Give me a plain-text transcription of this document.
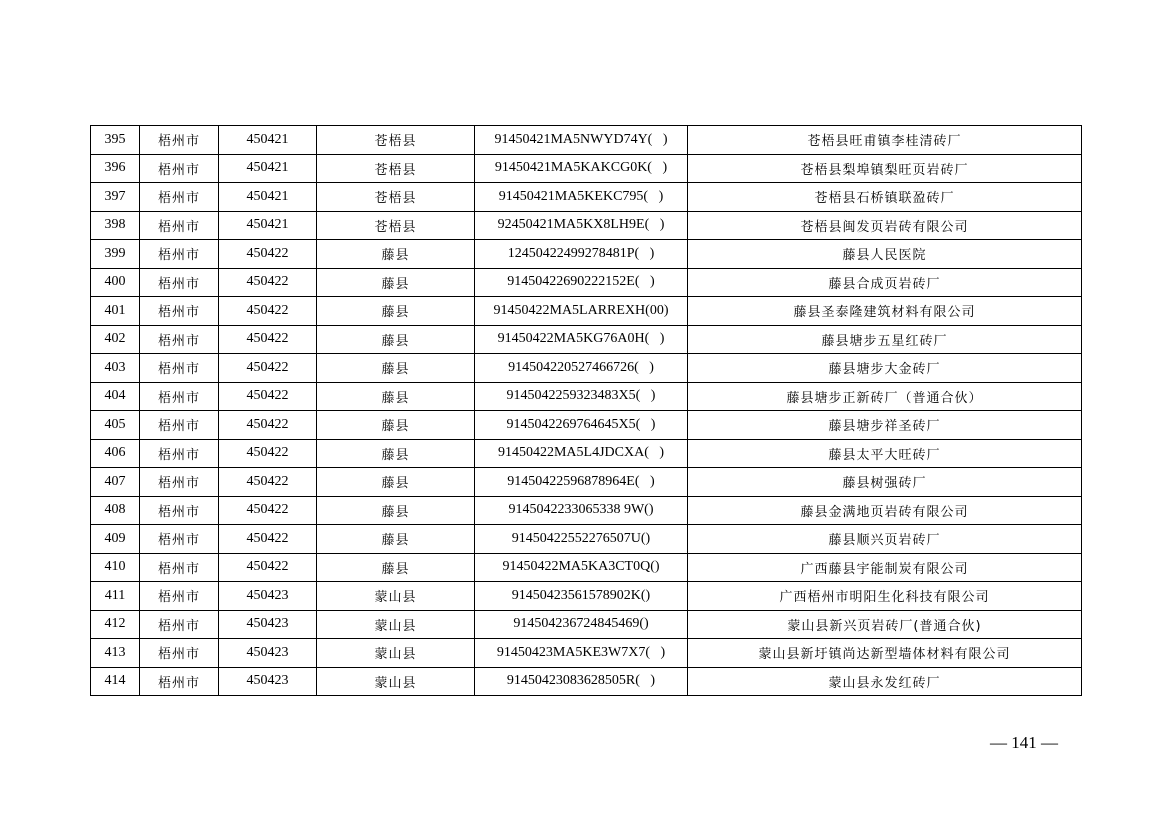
395	梧州市	450421	苍梧县	91450421MA5NWYD74Y(   )	苍梧县旺甫镇李桂清砖厂
396	梧州市	450421	苍梧县	91450421MA5KAKCG0K(   )	苍梧县梨埠镇梨旺页岩砖厂
397	梧州市	450421	苍梧县	91450421MA5KEKC795(   )	苍梧县石桥镇联盈砖厂
398	梧州市	450421	苍梧县	92450421MA5KX8LH9E(   )	苍梧县闽发页岩砖有限公司
399	梧州市	450422	藤县	12450422499278481P(   )	藤县人民医院
400	梧州市	450422	藤县	91450422690222152E(   )	藤县合成页岩砖厂
401	梧州市	450422	藤县	91450422MA5LARREXH(00)	藤县圣泰隆建筑材料有限公司
402	梧州市	450422	藤县	91450422MA5KG76A0H(   )	藤县塘步五星红砖厂
403	梧州市	450422	藤县	914504220527466726(   )	藤县塘步大金砖厂
404	梧州市	450422	藤县	9145042259323483X5(   )	藤县塘步正新砖厂（普通合伙）
405	梧州市	450422	藤县	9145042269764645X5(   )	藤县塘步祥圣砖厂
406	梧州市	450422	藤县	91450422MA5L4JDCXA(   )	藤县太平大旺砖厂
407	梧州市	450422	藤县	91450422596878964E(   )	藤县树强砖厂
408	梧州市	450422	藤县	9145042233065338 9W()	藤县金满地页岩砖有限公司
409	梧州市	450422	藤县	91450422552276507U()	藤县顺兴页岩砖厂
410	梧州市	450422	藤县	91450422MA5KA3CT0Q()	广西藤县宇能制炭有限公司
411	梧州市	450423	蒙山县	91450423561578902K()	广西梧州市明阳生化科技有限公司
412	梧州市	450423	蒙山县	914504236724845469()	蒙山县新兴页岩砖厂(普通合伙)
413	梧州市	450423	蒙山县	91450423MA5KE3W7X7(   )	蒙山县新圩镇尚达新型墙体材料有限公司
414	梧州市	450423	蒙山县	91450423083628505R(   )	蒙山县永发红砖厂
— 141 —
